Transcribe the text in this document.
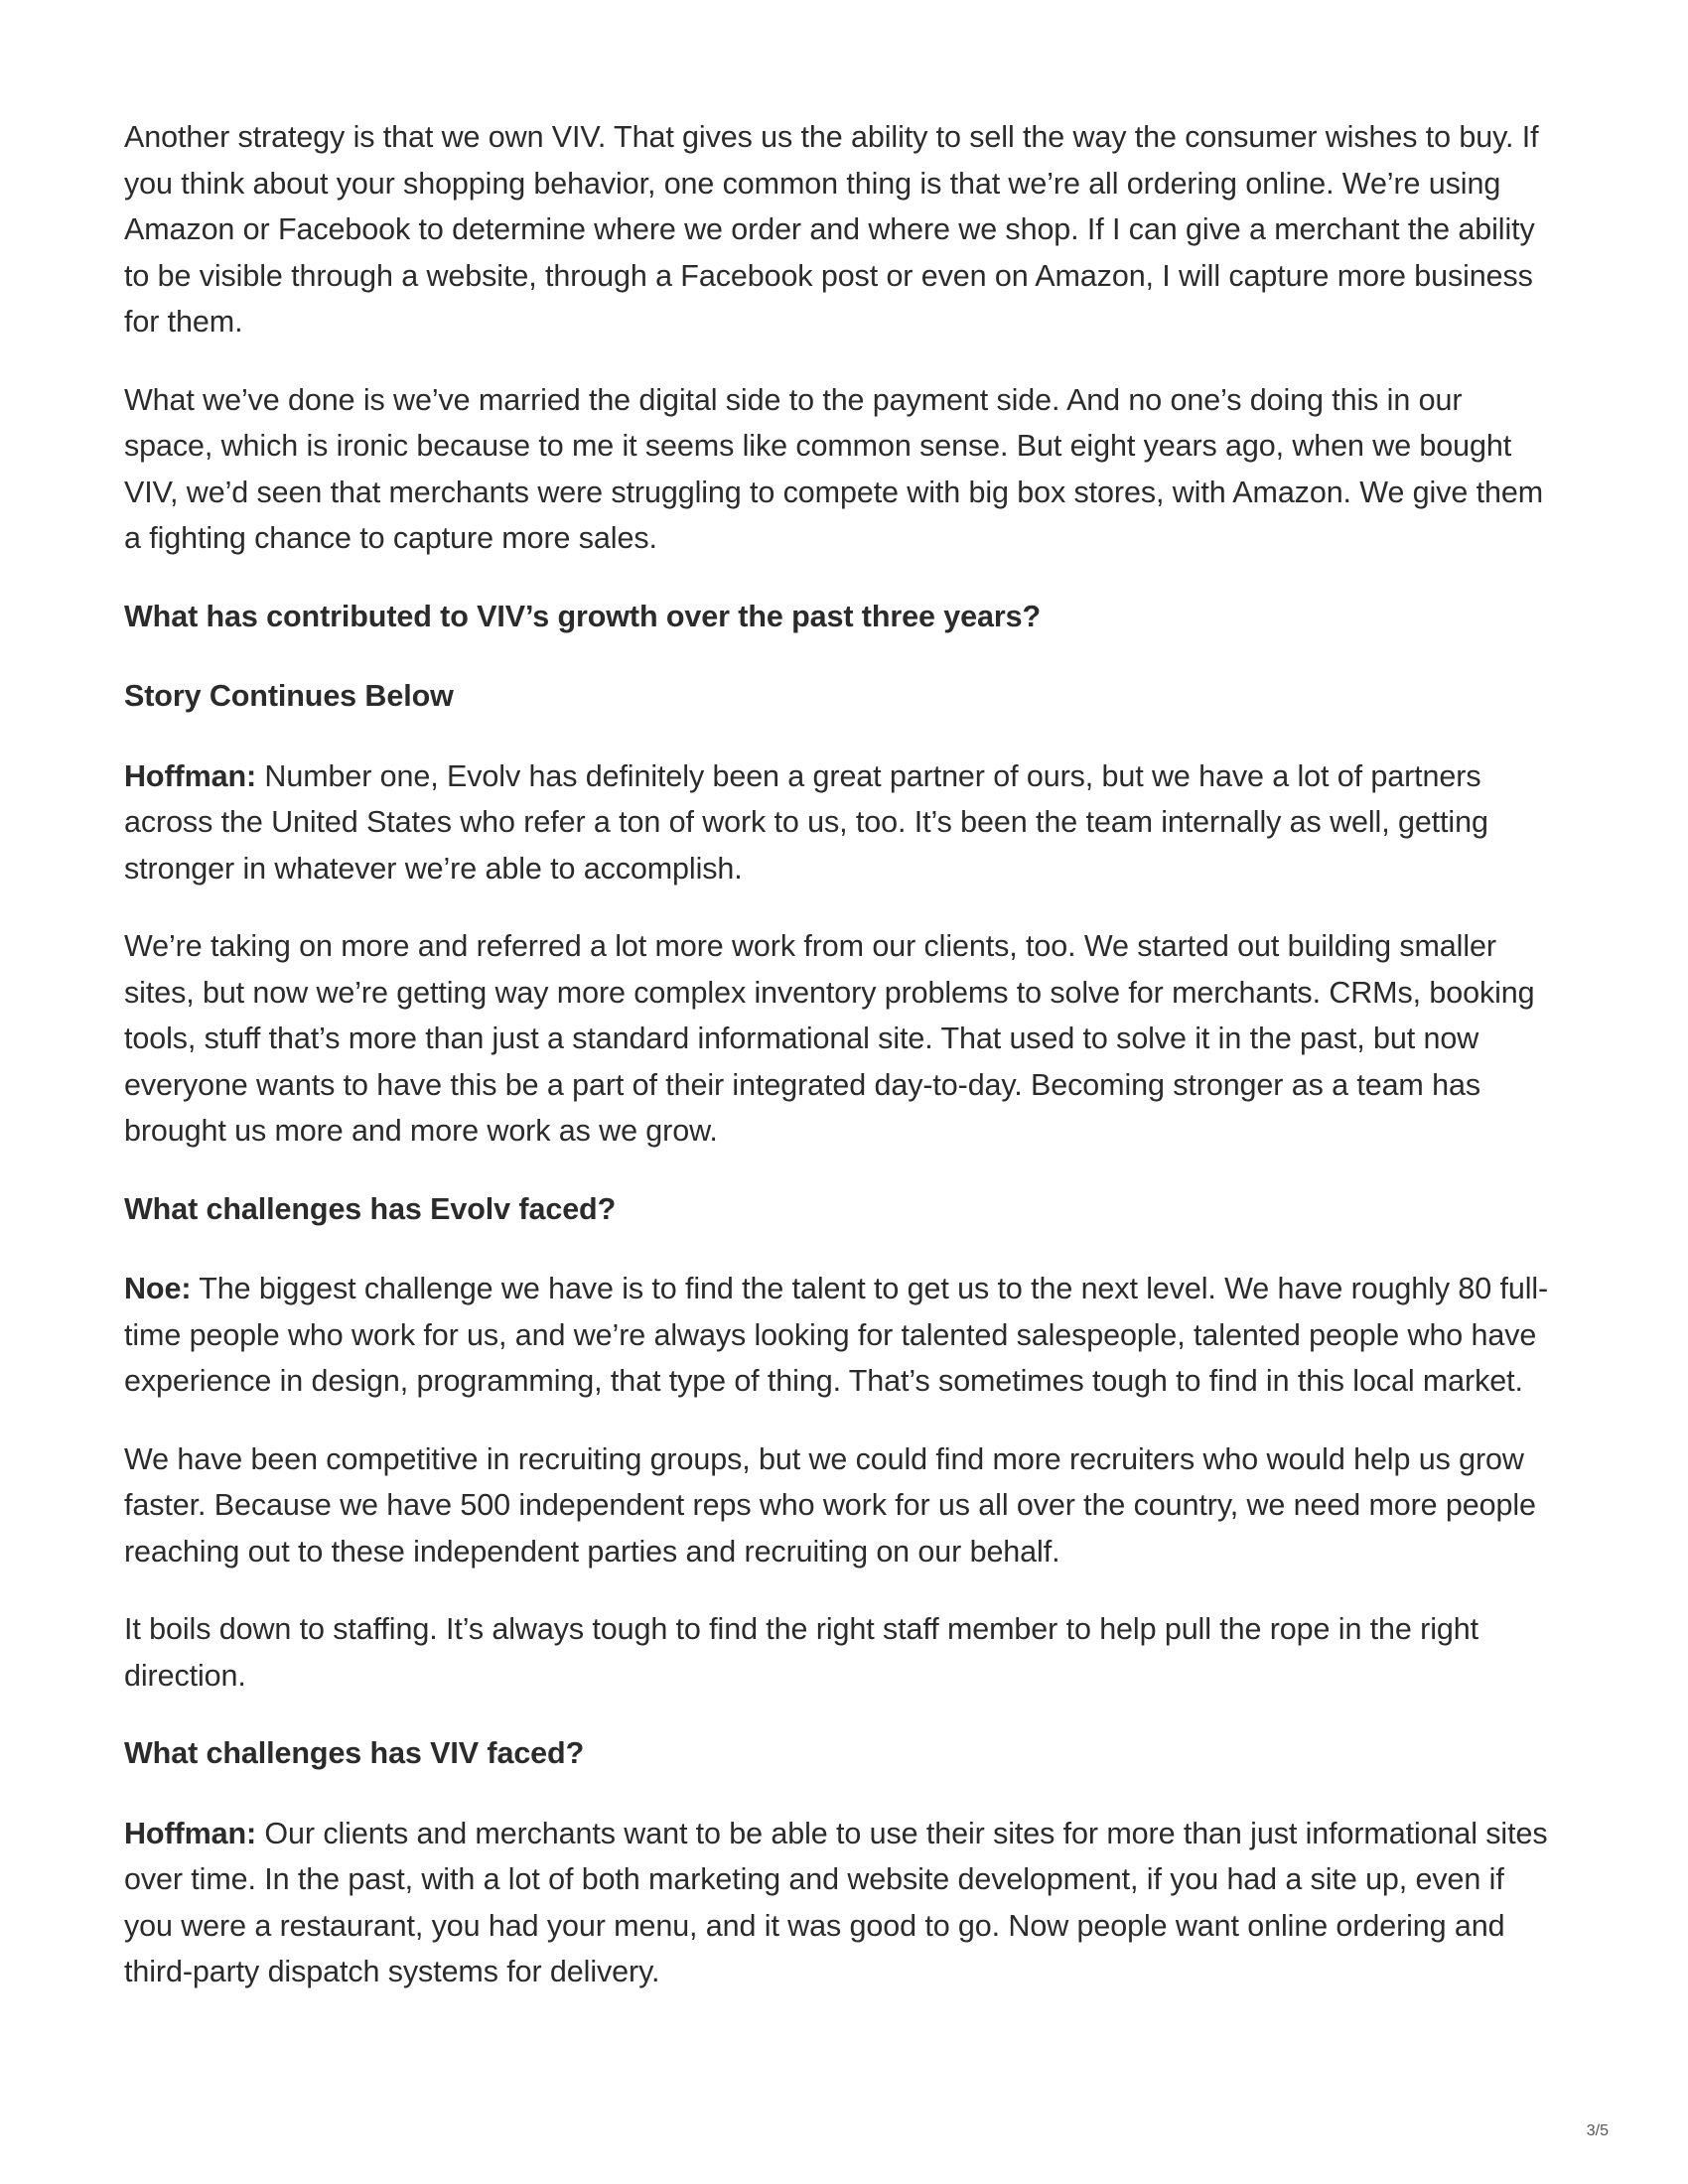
Another strategy is that we own VIV. That gives us the ability to sell the way the consumer wishes to buy. If you think about your shopping behavior, one common thing is that we’re all ordering online. We’re using Amazon or Facebook to determine where we order and where we shop. If I can give a merchant the ability to be visible through a website, through a Facebook post or even on Amazon, I will capture more business for them.

What we’ve done is we’ve married the digital side to the payment side. And no one’s doing this in our space, which is ironic because to me it seems like common sense. But eight years ago, when we bought VIV, we’d seen that merchants were struggling to compete with big box stores, with Amazon. We give them a fighting chance to capture more sales.

What has contributed to VIV’s growth over the past three years?

Story Continues Below

Hoffman: Number one, Evolv has definitely been a great partner of ours, but we have a lot of partners across the United States who refer a ton of work to us, too. It’s been the team internally as well, getting stronger in whatever we’re able to accomplish.

We’re taking on more and referred a lot more work from our clients, too. We started out building smaller sites, but now we’re getting way more complex inventory problems to solve for merchants. CRMs, booking tools, stuff that’s more than just a standard informational site. That used to solve it in the past, but now everyone wants to have this be a part of their integrated day-to-day. Becoming stronger as a team has brought us more and more work as we grow.

What challenges has Evolv faced?

Noe: The biggest challenge we have is to find the talent to get us to the next level. We have roughly 80 full-time people who work for us, and we’re always looking for talented salespeople, talented people who have experience in design, programming, that type of thing. That’s sometimes tough to find in this local market.

We have been competitive in recruiting groups, but we could find more recruiters who would help us grow faster. Because we have 500 independent reps who work for us all over the country, we need more people reaching out to these independent parties and recruiting on our behalf.

It boils down to staffing. It’s always tough to find the right staff member to help pull the rope in the right direction.

What challenges has VIV faced?

Hoffman: Our clients and merchants want to be able to use their sites for more than just informational sites over time. In the past, with a lot of both marketing and website development, if you had a site up, even if you were a restaurant, you had your menu, and it was good to go. Now people want online ordering and third-party dispatch systems for delivery.

3/5
